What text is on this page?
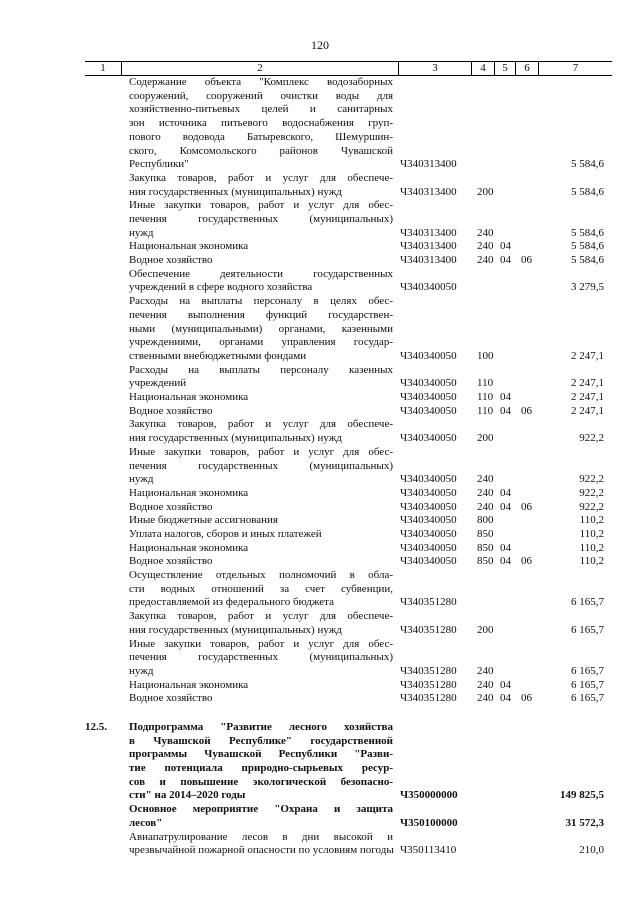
120
1	2	3	4	5	6	7
Содержание объекта "Комплекс водозаборных
сооружений, сооружений очистки воды для
хозяйственно-питьевых целей и санитарных
зон источника питьевого водоснабжения груп-
пового водовода Батыревского, Шемуршин-
ского, Комсомольского районов Чувашской
Республики"	Ч340313400	5 584,6
Закупка товаров, работ и услуг для обеспече-
ния государственных (муниципальных) нужд	Ч340313400 200	5 584,6
Иные закупки товаров, работ и услуг для обес-
печения государственных (муниципальных)
нужд	Ч340313400 240	5 584,6
Национальная экономика	Ч340313400 240 04	5 584,6
Водное хозяйство	Ч340313400 240 04 06	5 584,6
Обеспечение деятельности государственных
учреждений в сфере водного хозяйства	Ч340340050	3 279,5
Расходы на выплаты персоналу в целях обес-
печения выполнения функций государствен-
ными (муниципальными) органами, казенными
учреждениями, органами управления государ-
ственными внебюджетными фондами	Ч340340050 100	2 247,1
Расходы на выплаты персоналу казенных
учреждений	Ч340340050 110	2 247,1
Национальная экономика	Ч340340050 110 04	2 247,1
Водное хозяйство	Ч340340050 110 04 06	2 247,1
Закупка товаров, работ и услуг для обеспече-
ния государственных (муниципальных) нужд	Ч340340050 200	922,2
Иные закупки товаров, работ и услуг для обес-
печения государственных (муниципальных)
нужд	Ч340340050 240	922,2
Национальная экономика	Ч340340050 240 04	922,2
Водное хозяйство	Ч340340050 240 04 06	922,2
Иные бюджетные ассигнования	Ч340340050 800	110,2
Уплата налогов, сборов и иных платежей	Ч340340050 850	110,2
Национальная экономика	Ч340340050 850 04	110,2
Водное хозяйство	Ч340340050 850 04 06	110,2
Осуществление отдельных полномочий в обла-
сти водных отношений за счет субвенции,
предоставляемой из федерального бюджета	Ч340351280	6 165,7
Закупка товаров, работ и услуг для обеспече-
ния государственных (муниципальных) нужд	Ч340351280 200	6 165,7
Иные закупки товаров, работ и услуг для обес-
печения государственных (муниципальных)
нужд	Ч340351280 240	6 165,7
Национальная экономика	Ч340351280 240 04	6 165,7
Водное хозяйство	Ч340351280 240 04 06	6 165,7
12.5. Подпрограмма "Развитие лесного хозяйства
в Чувашской Республике" государственной
программы Чувашской Республики "Разви-
тие потенциала природно-сырьевых ресур-
сов и повышение экологической безопасно-
сти" на 2014–2020 годы	Ч350000000	149 825,5
Основное мероприятие "Охрана и защита
лесов"	Ч350100000	31 572,3
Авиапатрулирование лесов в дни высокой и
чрезвычайной пожарной опасности по условиям погоды Ч350113410	210,0
